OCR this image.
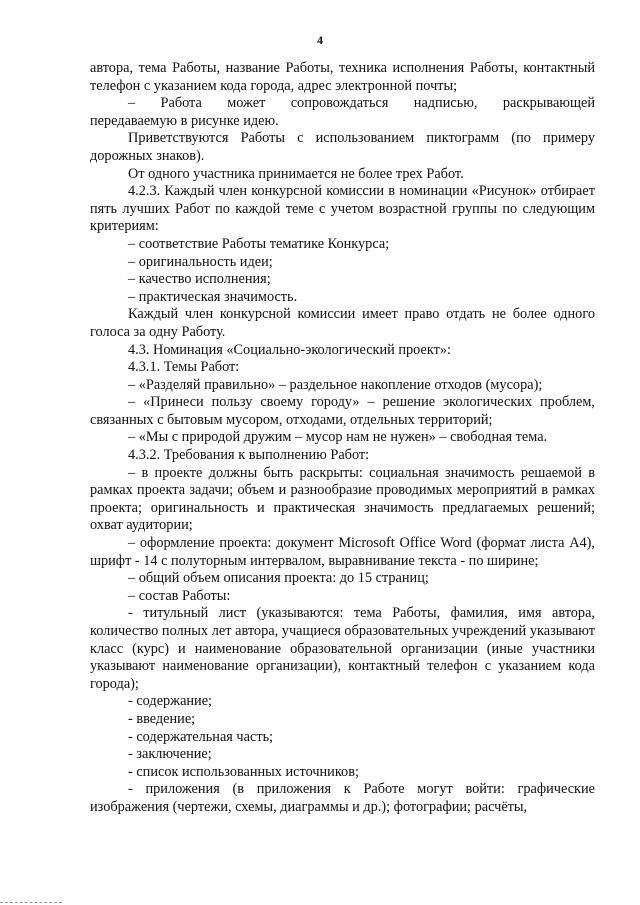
4

автора, тема Работы, название Работы, техника исполнения Работы, контактный телефон с указанием кода города, адрес электронной почты;

–    Работа    может    сопровождаться    надписью,    раскрывающей передаваемую в рисунке идею.

Приветствуются Работы с использованием пиктограмм (по примеру дорожных знаков).

От одного участника принимается не более трех Работ.

4.2.3. Каждый член конкурсной комиссии в номинации «Рисунок» отбирает пять лучших Работ по каждой теме с учетом возрастной группы по следующим критериям:

– соответствие Работы тематике Конкурса;

– оригинальность идеи;

– качество исполнения;

– практическая значимость.

Каждый член конкурсной комиссии имеет право отдать не более одного голоса за одну Работу.

4.3. Номинация «Социально-экологический проект»:

4.3.1. Темы Работ:

– «Разделяй правильно» – раздельное накопление отходов (мусора);

– «Принеси пользу своему городу» – решение экологических проблем, связанных с бытовым мусором, отходами, отдельных территорий;

– «Мы с природой дружим – мусор нам не нужен» – свободная тема.

4.3.2. Требования к выполнению Работ:

– в проекте должны быть раскрыты: социальная значимость решаемой в рамках проекта задачи; объем и разнообразие проводимых мероприятий в рамках проекта; оригинальность и практическая значимость предлагаемых решений; охват аудитории;

– оформление проекта: документ Microsoft Office Word (формат листа А4), шрифт - 14 с полуторным интервалом, выравнивание текста - по ширине;

– общий объем описания проекта: до 15 страниц;

– состав Работы:

- титульный лист (указываются: тема Работы, фамилия, имя автора, количество полных лет автора, учащиеся образовательных учреждений указывают класс (курс) и наименование образовательной организации (иные участники указывают наименование организации), контактный телефон с указанием кода города);

- содержание;

- введение;

- содержательная часть;

- заключение;

- список использованных источников;

- приложения (в приложения к Работе могут войти: графические изображения (чертежи, схемы, диаграммы и др.); фотографии; расчёты,
